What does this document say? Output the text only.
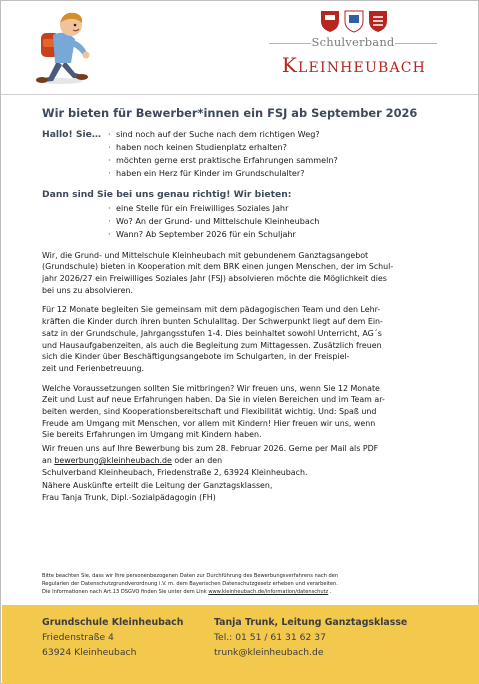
Schulverband
Kleinheubach
Wir bieten für Bewerber*innen ein FSJ ab September 2026
Hallo! Sie… · sind noch auf der Suche nach dem richtigen Weg?
· haben noch keinen Studienplatz erhalten?
· möchten gerne erst praktische Erfahrungen sammeln?
· haben ein Herz für Kinder im Grundschulalter?
Dann sind Sie bei uns genau richtig! Wir bieten:
· eine Stelle für ein Freiwilliges Soziales Jahr
· Wo? An der Grund- und Mittelschule Kleinheubach
· Wann? Ab September 2026 für ein Schuljahr

Wir, die Grund- und Mittelschule Kleinheubach mit gebundenem Ganztagsangebot

(Grundschule) bieten in Kooperation mit dem BRK einen jungen Menschen, der im Schul-

jahr 2026/27 ein Freiwilliges Soziales Jahr (FSJ) absolvieren möchte die Möglichkeit dies

bei uns zu absolvieren.

Für 12 Monate begleiten Sie gemeinsam mit dem pädagogischen Team und den Lehr-

kräften die Kinder durch ihren bunten Schulalltag. Der Schwerpunkt liegt auf dem Ein-

satz in der Grundschule, Jahrgangsstufen 1-4. Dies beinhaltet sowohl Unterricht, AG´s

und Hausaufgabenzeiten, als auch die Begleitung zum Mittagessen. Zusätzlich freuen

sich die Kinder über Beschäftigungsangebote im Schulgarten, in der Freispiel-

zeit und Ferienbetreuung.

Welche Voraussetzungen sollten Sie mitbringen? Wir freuen uns, wenn Sie 12 Monate

Zeit und Lust auf neue Erfahrungen haben. Da Sie in vielen Bereichen und im Team ar-

beiten werden, sind Kooperationsbereitschaft und Flexibilität wichtig. Und: Spaß und

Freude am Umgang mit Menschen, vor allem mit Kindern! Hier freuen wir uns, wenn

Sie bereits Erfahrungen im Umgang mit Kindern haben.

Wir freuen uns auf Ihre Bewerbung bis zum 28. Februar 2026. Gerne per Mail als PDF

an bewerbung@kleinheubach.de oder an den

Schulverband Kleinheubach, Friedenstraße 2, 63924 Kleinheubach.

Nähere Auskünfte erteilt die Leitung der Ganztagsklassen,

Frau Tanja Trunk, Dipl.-Sozialpädagogin (FH)

Bitte beachten Sie, dass wir Ihre personenbezogenen Daten zur Durchführung des Bewerbungsverfahrens nach den
Regularien der Datenschutzgrundverordnung i.V. m. dem Bayerischen Datenschutzgesetz erheben und verarbeiten.
Die Informationen nach Art.13 DSGVO finden Sie unter dem Link www.kleinheubach.de/information/datenschutz .
Grundschule Kleinheubach
Friedenstraße 4
63924 Kleinheubach
Tanja Trunk, Leitung Ganztagsklasse
Tel.: 01 51 / 61 31 62 37
trunk@kleinheubach.de
